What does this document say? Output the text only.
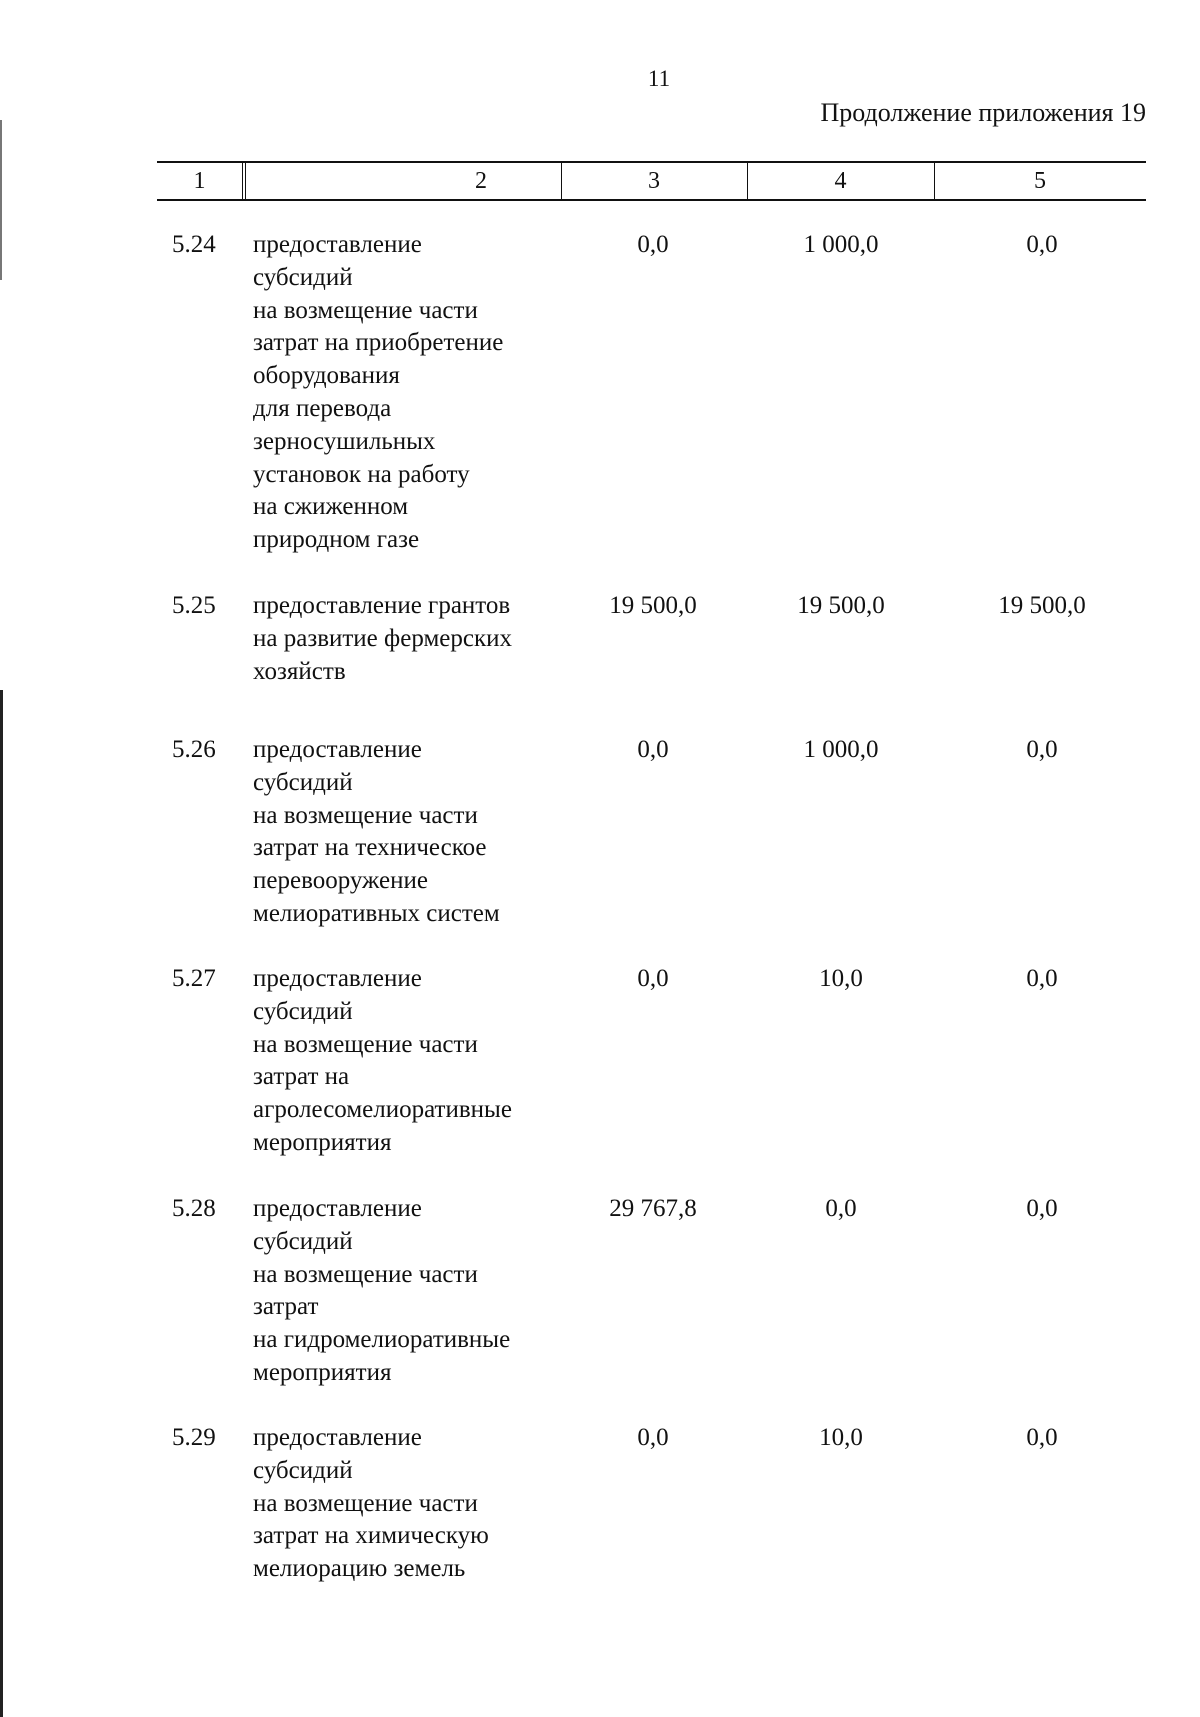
11
Продолжение приложения 19
1	2	3	4	5
5.24 предоставление
субсидий
на возмещение части
затрат на приобретение
оборудования
для перевода
зерносушильных
установок на работу
на сжиженном
природном газе
0,0	1 000,0	0,0
5.25 предоставление грантов
на развитие фермерских
хозяйств
19 500,0	19 500,0	19 500,0
5.26 предоставление
субсидий
на возмещение части
затрат на техническое
перевооружение
мелиоративных систем
0,0	1 000,0	0,0
5.27 предоставление
субсидий
на возмещение части
затрат на
агролесомелиоративные
мероприятия
0,0	10,0	0,0
5.28 предоставление
субсидий
на возмещение части
затрат
на гидромелиоративные
мероприятия
29 767,8	0,0	0,0
5.29 предоставление
субсидий
на возмещение части
затрат на химическую
мелиорацию земель
0,0	10,0	0,0
